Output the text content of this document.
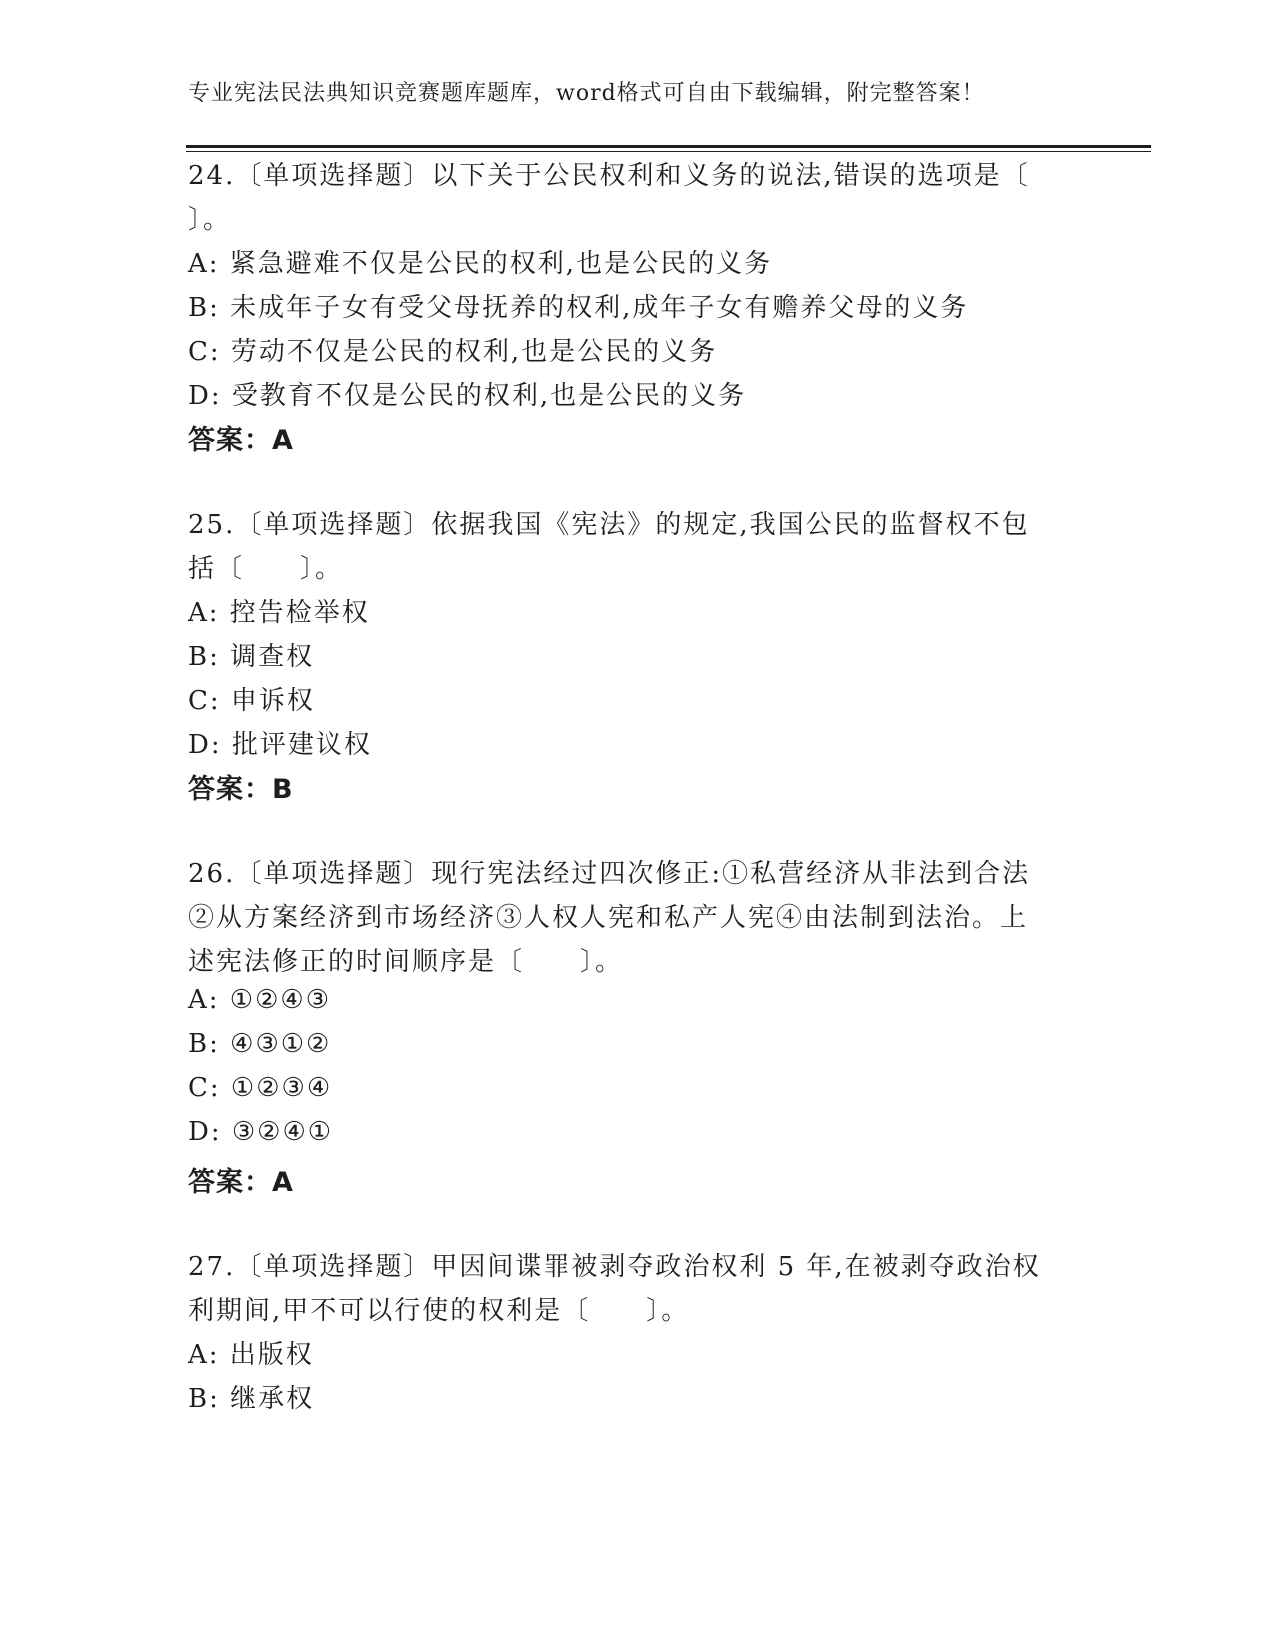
专业宪法民法典知识竞赛题库题库，word格式可自由下载编辑，附完整答案！
24.〔单项选择题〕以下关于公民权利和义务的说法,错误的选项是〔
〕。
A: 紧急避难不仅是公民的权利,也是公民的义务
B: 未成年子女有受父母抚养的权利,成年子女有赡养父母的义务
C: 劳动不仅是公民的权利,也是公民的义务
D: 受教育不仅是公民的权利,也是公民的义务
答案：A
25.〔单项选择题〕依据我国《宪法》的规定,我国公民的监督权不包
括〔　　〕。
A: 控告检举权
B: 调查权
C: 申诉权
D: 批评建议权
答案：B
26.〔单项选择题〕现行宪法经过四次修正:①私营经济从非法到合法
②从方案经济到市场经济③人权人宪和私产人宪④由法制到法治。上
述宪法修正的时间顺序是〔　　〕。
A: ①②④③
B: ④③①②
C: ①②③④
D: ③②④①
答案：A
27.〔单项选择题〕甲因间谍罪被剥夺政治权利 5 年,在被剥夺政治权
利期间,甲不可以行使的权利是〔　　〕。
A: 出版权
B: 继承权
